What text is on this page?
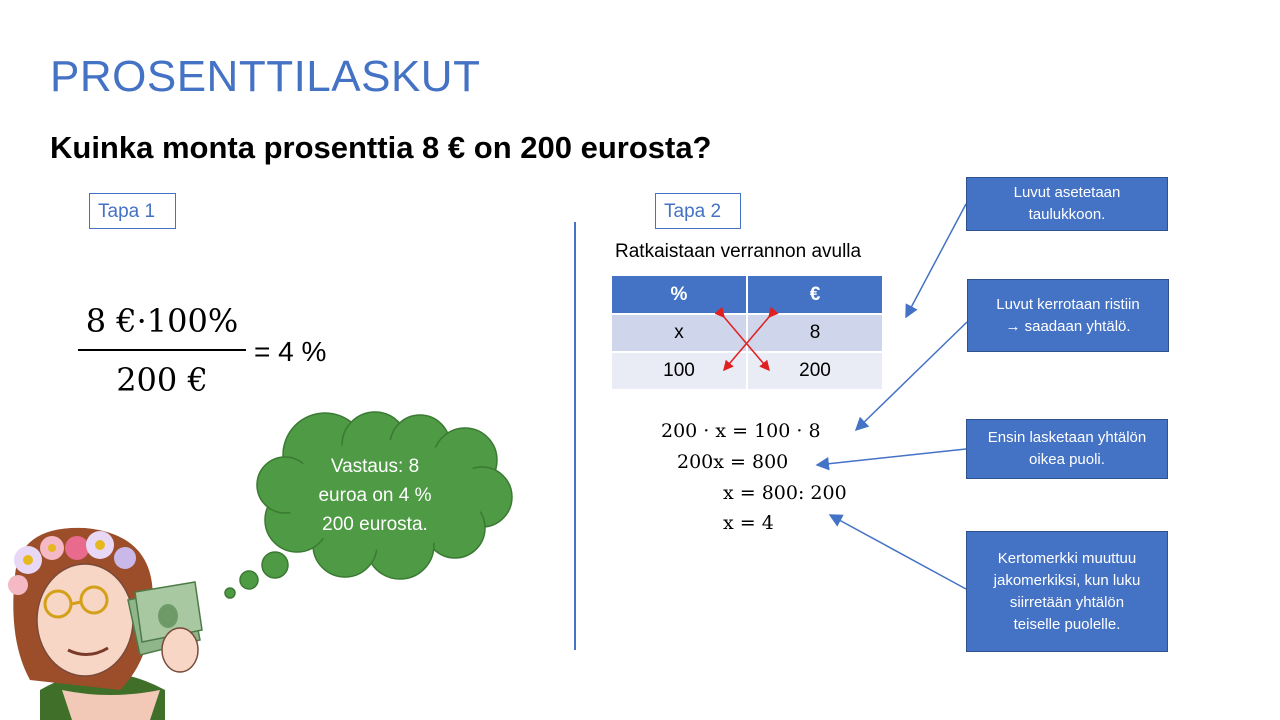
PROSENTTILASKUT
Kuinka monta prosenttia 8 € on 200 eurosta?
Tapa 1	Tapa 2
8 €·100%
200 €
= 4 %
Vastaus: 8
euroa on 4 %
200 eurosta.
Ratkaistaan verrannon avulla
%	€
x	8
100	200
200 · x = 100 · 8
200x = 800
x = 800: 200
x = 4
Luvut asetetaan
taulukkoon.
Luvut kerrotaan ristiin
→ saadaan yhtälö.
Ensin lasketaan yhtälön
oikea puoli.
Kertomerkki muuttuu
jakomerkiksi, kun luku
siirretään yhtälön
teiselle puolelle.
